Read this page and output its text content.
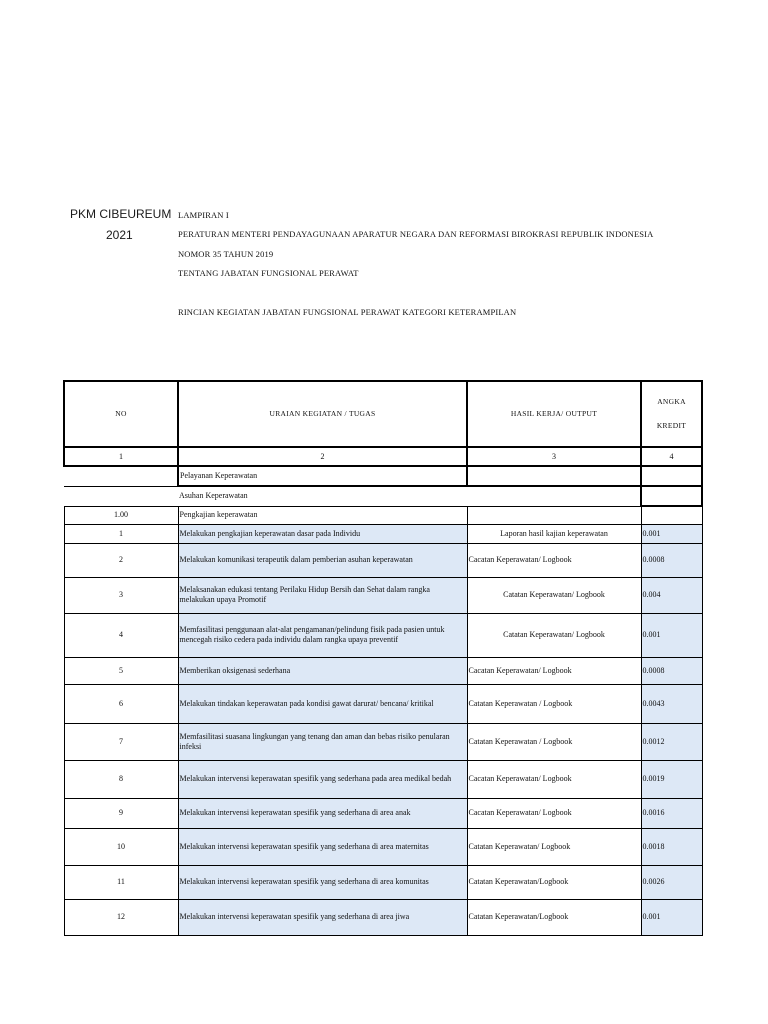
PKM CIBEUREUM
2021
LAMPIRAN I
PERATURAN MENTERI PENDAYAGUNAAN APARATUR NEGARA DAN REFORMASI BIROKRASI REPUBLIK INDONESIA
NOMOR 35 TAHUN 2019
TENTANG JABATAN FUNGSIONAL PERAWAT
RINCIAN KEGIATAN JABATAN FUNGSIONAL PERAWAT KATEGORI KETERAMPILAN
NO	URAIAN KEGIATAN / TUGAS	HASIL KERJA/ OUTPUT	ANGKA
KREDIT
1	2	3	4
	Pelayanan Keperawatan		
	Asuhan Keperawatan		
1.00	Pengkajian keperawatan		
1	Melakukan pengkajian keperawatan dasar pada Individu	Laporan hasil kajian keperawatan	0.001
2	Melakukan komunikasi terapeutik dalam pemberian asuhan keperawatan	Cacatan Keperawatan/ Logbook	0.0008
3	Melaksanakan edukasi tentang Perilaku Hidup Bersih dan Sehat dalam rangka melakukan upaya Promotif	Catatan Keperawatan/ Logbook	0.004
4	Memfasilitasi penggunaan alat-alat pengamanan/pelindung fisik pada pasien untuk mencegah risiko cedera pada individu dalam rangka upaya preventif	Catatan Keperawatan/ Logbook	0.001
5	Memberikan oksigenasi sederhana	Cacatan Keperawatan/ Logbook	0.0008
6	Melakukan tindakan keperawatan pada kondisi gawat darurat/ bencana/ kritikal	Catatan Keperawatan / Logbook	0.0043
7	Memfasilitasi suasana lingkungan yang tenang dan aman dan bebas risiko penularan infeksi	Catatan Keperawatan / Logbook	0.0012
8	Melakukan intervensi keperawatan spesifik yang sederhana pada area medikal bedah	Cacatan Keperawatan/ Logbook	0.0019
9	Melakukan intervensi keperawatan spesifik yang sederhana di area anak	Cacatan Keperawatan/ Logbook	0.0016
10	Melakukan intervensi keperawatan spesifik yang sederhana di area maternitas	Catatan Keperawatan/ Logbook	0.0018
11	Melakukan intervensi keperawatan spesifik yang sederhana di area komunitas	Catatan Keperawatan/Logbook	0.0026
12	Melakukan intervensi keperawatan spesifik yang sederhana di area jiwa	Catatan Keperawatan/Logbook	0.001
